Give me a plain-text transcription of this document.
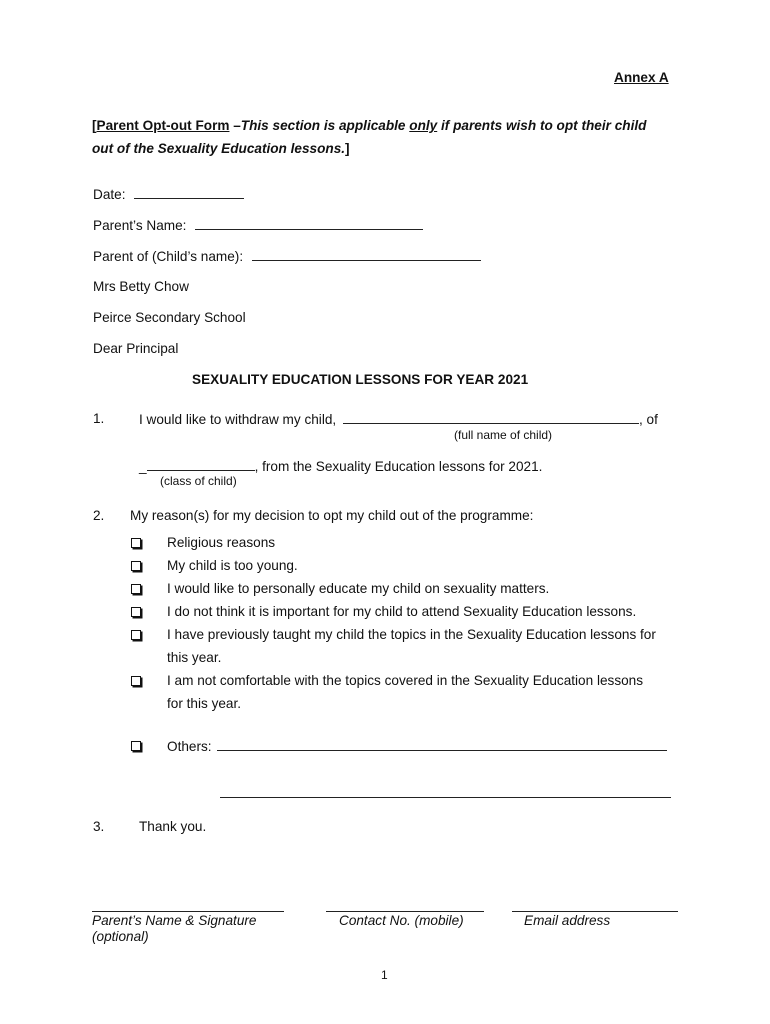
Annex A
[Parent Opt-out Form –This section is applicable only if parents wish to opt their child
out of the Sexuality Education lessons.]
Date:
Parent’s Name:
Parent of (Child’s name):
Mrs Betty Chow
Peirce Secondary School
Dear Principal
SEXUALITY EDUCATION LESSONS FOR YEAR 2021
1.	I would like to withdraw my child,	, of
(full name of child)
_	, from the Sexuality Education lessons for 2021.
(class of child)
2. My reason(s) for my decision to opt my child out of the programme:
Religious reasons
My child is too young.
I would like to personally educate my child on sexuality matters.
I do not think it is important for my child to attend Sexuality Education lessons.
I have previously taught my child the topics in the Sexuality Education lessons for
this year.
I am not comfortable with the topics covered in the Sexuality Education lessons
for this year.
Others:
3.	Thank you.
Parent’s Name & Signature
(optional)
Contact No. (mobile)	Email address
1
